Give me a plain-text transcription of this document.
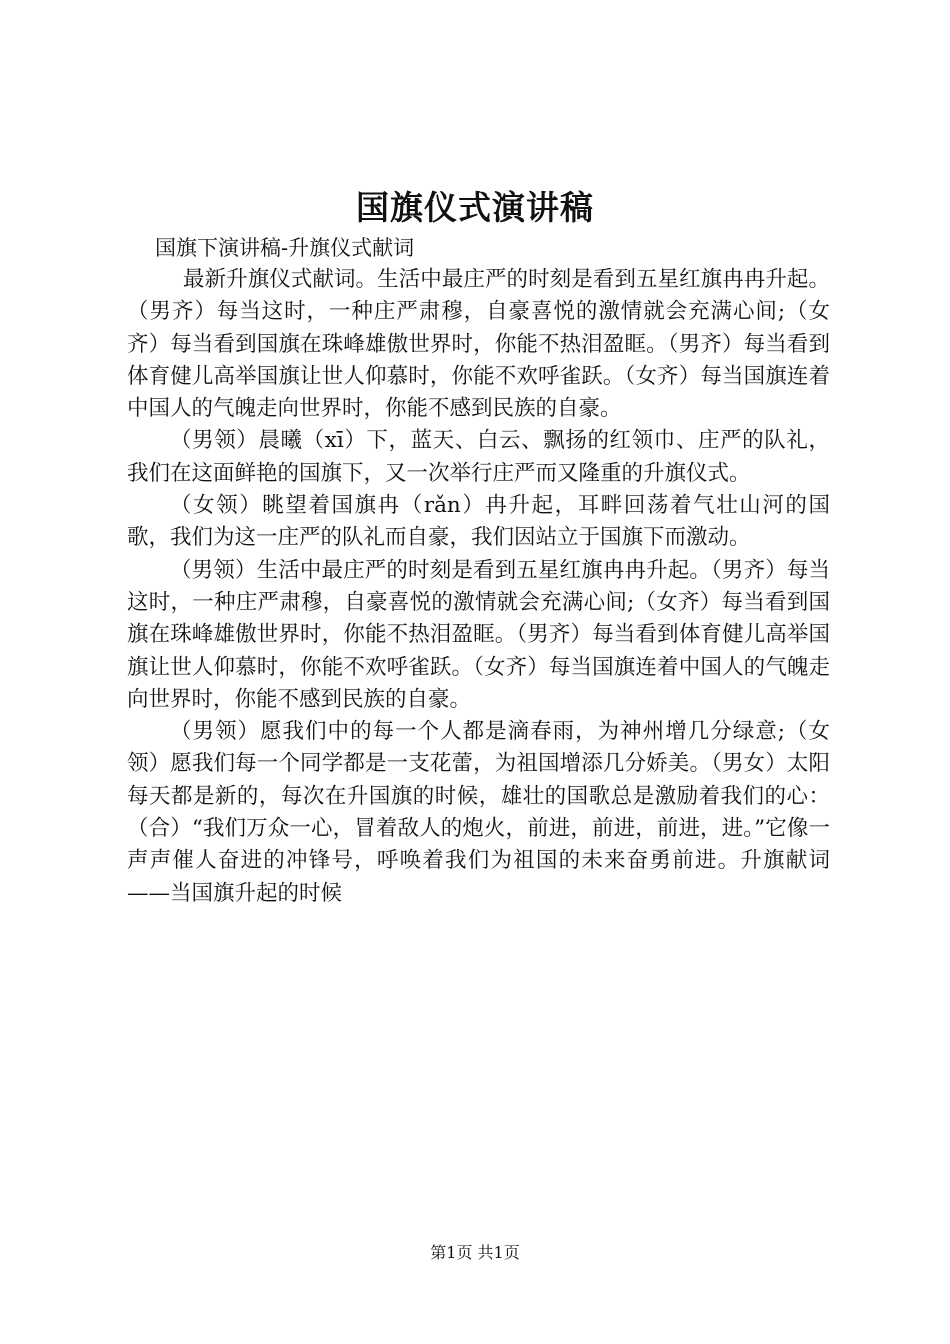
国旗仪式演讲稿

国旗下演讲稿-升旗仪式献词

最新升旗仪式献词。生活中最庄严的时刻是看到五星红旗冉冉升起。（男齐）每当这时，一种庄严肃穆，自豪喜悦的激情就会充满心间;（女齐）每当看到国旗在珠峰雄傲世界时，你能不热泪盈眶。（男齐）每当看到体育健儿高举国旗让世人仰慕时，你能不欢呼雀跃。（女齐）每当国旗连着中国人的气魄走向世界时，你能不感到民族的自豪。

（男领）晨曦（xī）下，蓝天、白云、飘扬的红领巾、庄严的队礼，我们在这面鲜艳的国旗下，又一次举行庄严而又隆重的升旗仪式。

（女领）眺望着国旗冉（rǎn）冉升起，耳畔回荡着气壮山河的国歌，我们为这一庄严的队礼而自豪，我们因站立于国旗下而激动。

（男领）生活中最庄严的时刻是看到五星红旗冉冉升起。（男齐）每当这时，一种庄严肃穆，自豪喜悦的激情就会充满心间;（女齐）每当看到国旗在珠峰雄傲世界时，你能不热泪盈眶。（男齐）每当看到体育健儿高举国旗让世人仰慕时，你能不欢呼雀跃。（女齐）每当国旗连着中国人的气魄走向世界时，你能不感到民族的自豪。

（男领）愿我们中的每一个人都是滴春雨，为神州增几分绿意;（女领）愿我们每一个同学都是一支花蕾，为祖国增添几分娇美。（男女）太阳每天都是新的，每次在升国旗的时候，雄壮的国歌总是激励着我们的心：（合）“我们万众一心，冒着敌人的炮火，前进，前进，前进，进。”它像一声声催人奋进的冲锋号，呼唤着我们为祖国的未来奋勇前进。升旗献词——当国旗升起的时候

第1页 共1页
